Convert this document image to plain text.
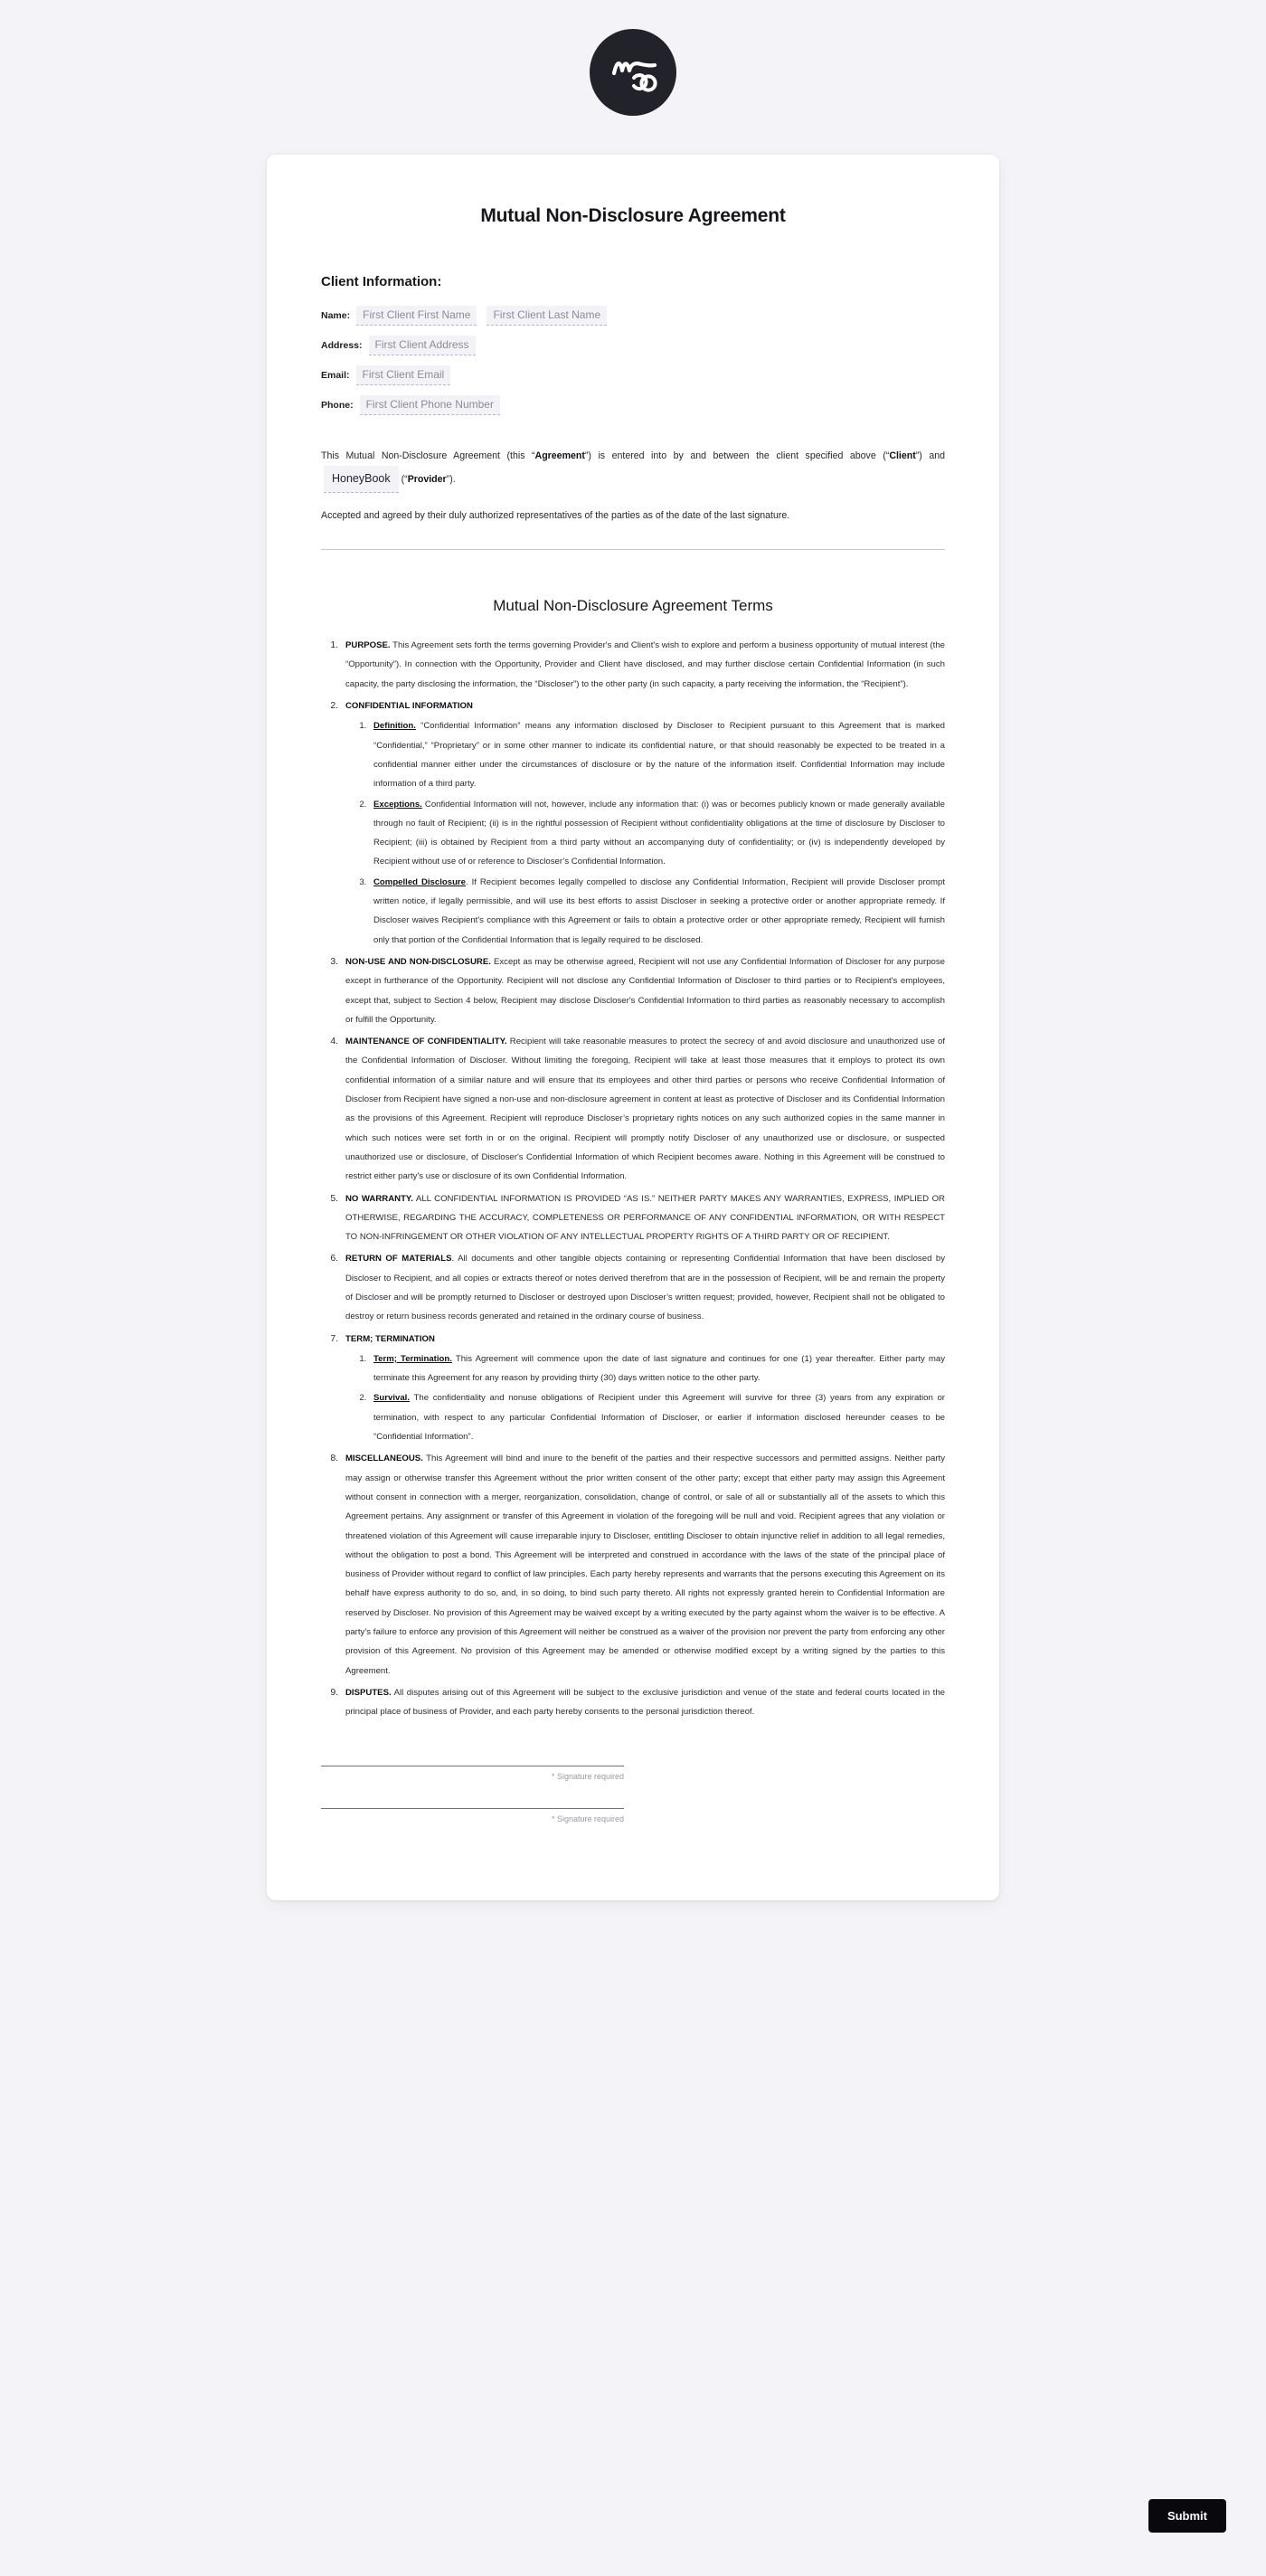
Mutual Non-Disclosure Agreement
Client Information:
Name:	First Client First Name	First Client Last Name
Address:	First Client Address
Email:	First Client Email
Phone:	First Client Phone Number

This Mutual Non-Disclosure Agreement (this “Agreement”) is entered into by and between the client specified above (“Client”) andHoneyBook (“Provider”).

Accepted and agreed by their duly authorized representatives of the parties as of the date of the last signature.

Mutual Non-Disclosure Agreement Terms
1. PURPOSE. This Agreement sets forth the terms governing Provider's and Client's wish to explore and perform a business opportunity of mutual interest (the “Opportunity”). In connection with the Opportunity, Provider and Client have disclosed, and may further disclose certain Confidential Information (in such capacity, the party disclosing the information, the “Discloser”) to the other party (in such capacity, a party receiving the information, the “Recipient”).
2. CONFIDENTIAL INFORMATION
1. Definition. “Confidential Information” means any information disclosed by Discloser to Recipient pursuant to this Agreement that is marked “Confidential,” “Proprietary” or in some other manner to indicate its confidential nature, or that should reasonably be expected to be treated in a confidential manner either under the circumstances of disclosure or by the nature of the information itself. Confidential Information may include information of a third party.
2. Exceptions. Confidential Information will not, however, include any information that: (i) was or becomes publicly known or made generally available through no fault of Recipient; (ii) is in the rightful possession of Recipient without confidentiality obligations at the time of disclosure by Discloser to Recipient; (iii) is obtained by Recipient from a third party without an accompanying duty of confidentiality; or (iv) is independently developed by Recipient without use of or reference to Discloser’s Confidential Information.
3. Compelled Disclosure. If Recipient becomes legally compelled to disclose any Confidential Information, Recipient will provide Discloser prompt written notice, if legally permissible, and will use its best efforts to assist Discloser in seeking a protective order or another appropriate remedy. If Discloser waives Recipient's compliance with this Agreement or fails to obtain a protective order or other appropriate remedy, Recipient will furnish only that portion of the Confidential Information that is legally required to be disclosed.
3. NON-USE AND NON-DISCLOSURE. Except as may be otherwise agreed, Recipient will not use any Confidential Information of Discloser for any purpose except in furtherance of the Opportunity. Recipient will not disclose any Confidential Information of Discloser to third parties or to Recipient's employees, except that, subject to Section 4 below, Recipient may disclose Discloser's Confidential Information to third parties as reasonably necessary to accomplish or fulfill the Opportunity.
4. MAINTENANCE OF CONFIDENTIALITY. Recipient will take reasonable measures to protect the secrecy of and avoid disclosure and unauthorized use of the Confidential Information of Discloser. Without limiting the foregoing, Recipient will take at least those measures that it employs to protect its own confidential information of a similar nature and will ensure that its employees and other third parties or persons who receive Confidential Information of Discloser from Recipient have signed a non-use and non-disclosure agreement in content at least as protective of Discloser and its Confidential Information as the provisions of this Agreement. Recipient will reproduce Discloser’s proprietary rights notices on any such authorized copies in the same manner in which such notices were set forth in or on the original. Recipient will promptly notify Discloser of any unauthorized use or disclosure, or suspected unauthorized use or disclosure, of Discloser's Confidential Information of which Recipient becomes aware. Nothing in this Agreement will be construed to restrict either party's use or disclosure of its own Confidential Information.
5. NO WARRANTY. ALL CONFIDENTIAL INFORMATION IS PROVIDED “AS IS.” NEITHER PARTY MAKES ANY WARRANTIES, EXPRESS, IMPLIED OR OTHERWISE, REGARDING THE ACCURACY, COMPLETENESS OR PERFORMANCE OF ANY CONFIDENTIAL INFORMATION, OR WITH RESPECT TO NON-INFRINGEMENT OR OTHER VIOLATION OF ANY INTELLECTUAL PROPERTY RIGHTS OF A THIRD PARTY OR OF RECIPIENT.
6. RETURN OF MATERIALS. All documents and other tangible objects containing or representing Confidential Information that have been disclosed by Discloser to Recipient, and all copies or extracts thereof or notes derived therefrom that are in the possession of Recipient, will be and remain the property of Discloser and will be promptly returned to Discloser or destroyed upon Discloser’s written request; provided, however, Recipient shall not be obligated to destroy or return business records generated and retained in the ordinary course of business.
7. TERM; TERMINATION
1. Term; Termination. This Agreement will commence upon the date of last signature and continues for one (1) year thereafter. Either party may terminate this Agreement for any reason by providing thirty (30) days written notice to the other party.
2. Survival. The confidentiality and nonuse obligations of Recipient under this Agreement will survive for three (3) years from any expiration or termination, with respect to any particular Confidential Information of Discloser, or earlier if information disclosed hereunder ceases to be “Confidential Information”.
8. MISCELLANEOUS. This Agreement will bind and inure to the benefit of the parties and their respective successors and permitted assigns. Neither party may assign or otherwise transfer this Agreement without the prior written consent of the other party; except that either party may assign this Agreement without consent in connection with a merger, reorganization, consolidation, change of control, or sale of all or substantially all of the assets to which this Agreement pertains. Any assignment or transfer of this Agreement in violation of the foregoing will be null and void. Recipient agrees that any violation or threatened violation of this Agreement will cause irreparable injury to Discloser, entitling Discloser to obtain injunctive relief in addition to all legal remedies, without the obligation to post a bond. This Agreement will be interpreted and construed in accordance with the laws of the state of the principal place of business of Provider without regard to conflict of law principles. Each party hereby represents and warrants that the persons executing this Agreement on its behalf have express authority to do so, and, in so doing, to bind such party thereto. All rights not expressly granted herein to Confidential Information are reserved by Discloser. No provision of this Agreement may be waived except by a writing executed by the party against whom the waiver is to be effective. A party’s failure to enforce any provision of this Agreement will neither be construed as a waiver of the provision nor prevent the party from enforcing any other provision of this Agreement. No provision of this Agreement may be amended or otherwise modified except by a writing signed by the parties to this Agreement.
9. DISPUTES. All disputes arising out of this Agreement will be subject to the exclusive jurisdiction and venue of the state and federal courts located in the principal place of business of Provider, and each party hereby consents to the personal jurisdiction thereof.
* Signature required
* Signature required
Submit
